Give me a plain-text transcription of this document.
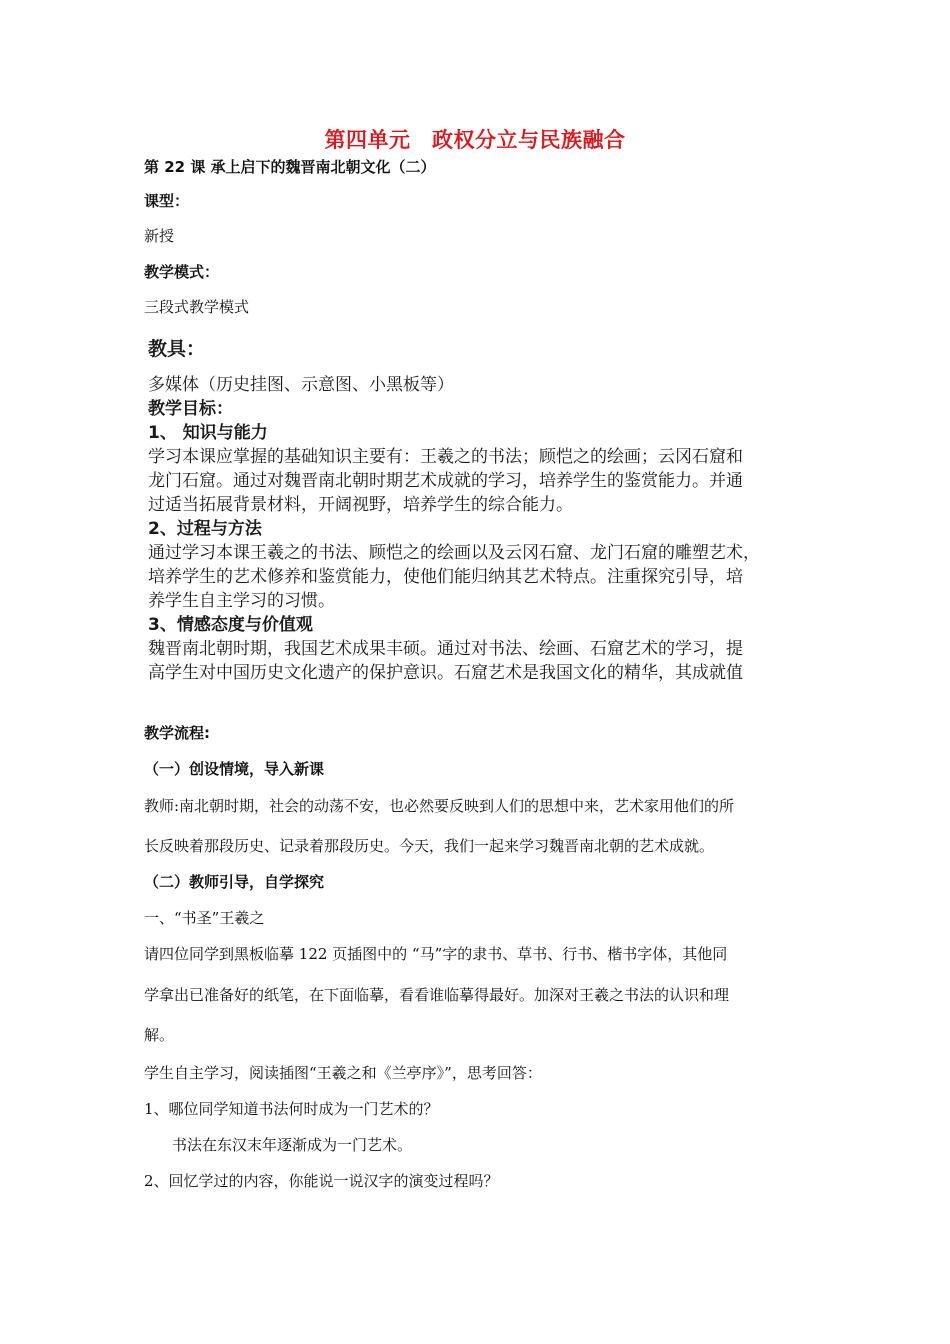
第四单元　政权分立与民族融合
第 22 课 承上启下的魏晋南北朝文化（二）
课型：
新授
教学模式：
三段式教学模式
教具：
多媒体（历史挂图、示意图、小黑板等）
教学目标：
1、 知识与能力
学习本课应掌握的基础知识主要有：王羲之的书法；顾恺之的绘画；云冈石窟和
龙门石窟。通过对魏晋南北朝时期艺术成就的学习，培养学生的鉴赏能力。并通
过适当拓展背景材料，开阔视野，培养学生的综合能力。
2、过程与方法
通过学习本课王羲之的书法、顾恺之的绘画以及云冈石窟、龙门石窟的雕塑艺术，
培养学生的艺术修养和鉴赏能力，使他们能归纳其艺术特点。注重探究引导，培
养学生自主学习的习惯。
3、情感态度与价值观
魏晋南北朝时期，我国艺术成果丰硕。通过对书法、绘画、石窟艺术的学习，提
高学生对中国历史文化遗产的保护意识。石窟艺术是我国文化的精华，其成就值
教学流程:
（一）创设情境，导入新课
教师:南北朝时期，社会的动荡不安，也必然要反映到人们的思想中来，艺术家用他们的所
长反映着那段历史、记录着那段历史。今天，我们一起来学习魏晋南北朝的艺术成就。
（二）教师引导，自学探究
一、“书圣”王羲之
请四位同学到黑板临摹 122 页插图中的 “马”字的隶书、草书、行书、楷书字体，其他同
学拿出已准备好的纸笔，在下面临摹，看看谁临摹得最好。加深对王羲之书法的认识和理
解。
学生自主学习，阅读插图“王羲之和《兰亭序》”，思考回答：
1、哪位同学知道书法何时成为一门艺术的？
书法在东汉末年逐渐成为一门艺术。
2、回忆学过的内容，你能说一说汉字的演变过程吗？
